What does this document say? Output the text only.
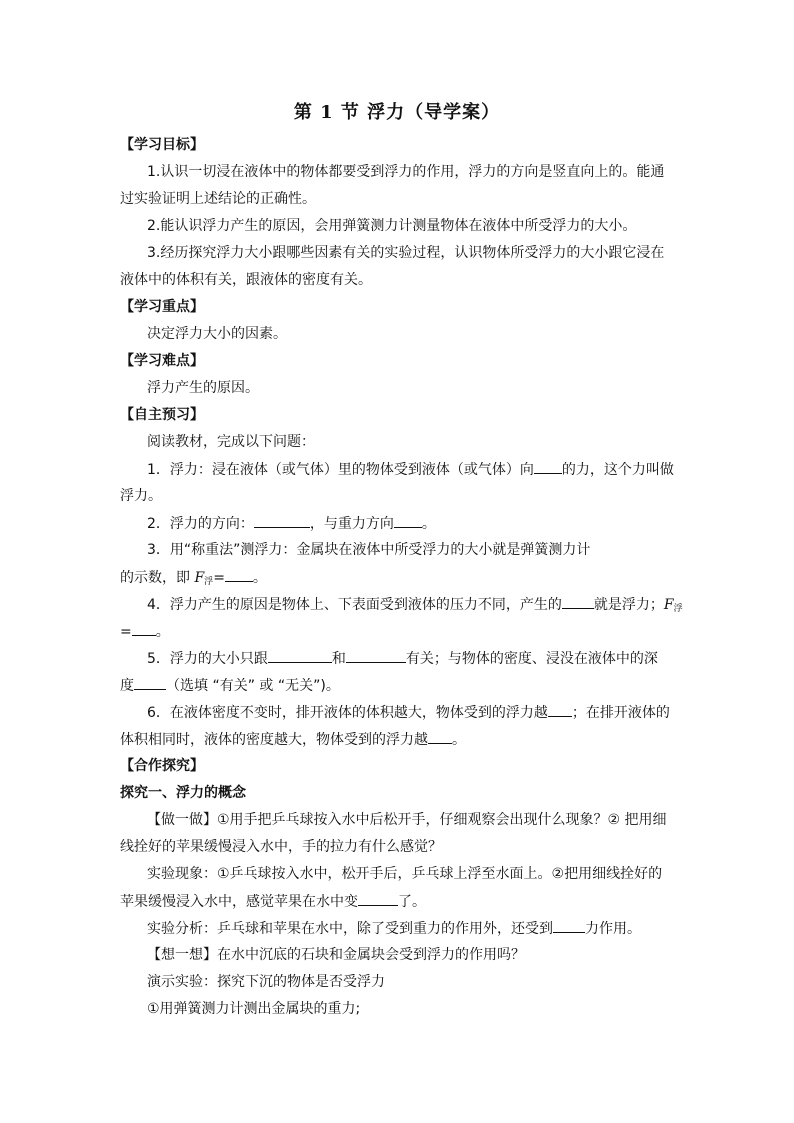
第 1 节 浮力（导学案）
【学习目标】
1.认识一切浸在液体中的物体都要受到浮力的作用，浮力的方向是竖直向上的。能通
过实验证明上述结论的正确性。
2.能认识浮力产生的原因，会用弹簧测力计测量物体在液体中所受浮力的大小。
3.经历探究浮力大小跟哪些因素有关的实验过程，认识物体所受浮力的大小跟它浸在
液体中的体积有关，跟液体的密度有关。
【学习重点】
决定浮力大小的因素。
【学习难点】
浮力产生的原因。
【自主预习】
阅读教材，完成以下问题：
1．浮力：浸在液体（或气体）里的物体受到液体（或气体）向 的力，这个力叫做
浮力。
2．浮力的方向：	，与重力方向 。
3．用“称重法”测浮力：金属块在液体中所受浮力的大小就是弹簧测力计
的示数，即 $F_浮=$ 。
4．浮力产生的原因是物体上、下表面受到液体的压力不同，产生的 就是浮力；$F_浮$
= 。
5．浮力的大小只跟	和	有关；与物体的密度、浸没在液体中的深
度 （选填 “有关” 或 “无关”)。
6．在液体密度不变时，排开液体的体积越大，物体受到的浮力越 ；在排开液体的
体积相同时，液体的密度越大，物体受到的浮力越 。
【合作探究】
探究一、浮力的概念
【做一做】①用手把乒乓球按入水中后松开手，仔细观察会出现什么现象？② 把用细
线拴好的苹果缓慢浸入水中，手的拉力有什么感觉？
实验现象：①乒乓球按入水中，松开手后，乒乓球上浮至水面上。②把用细线拴好的
苹果缓慢浸入水中，感觉苹果在水中变	了。
实验分析：乒乓球和苹果在水中，除了受到重力的作用外，还受到 力作用。
【想一想】在水中沉底的石块和金属块会受到浮力的作用吗？
演示实验：探究下沉的物体是否受浮力
①用弹簧测力计测出金属块的重力;
